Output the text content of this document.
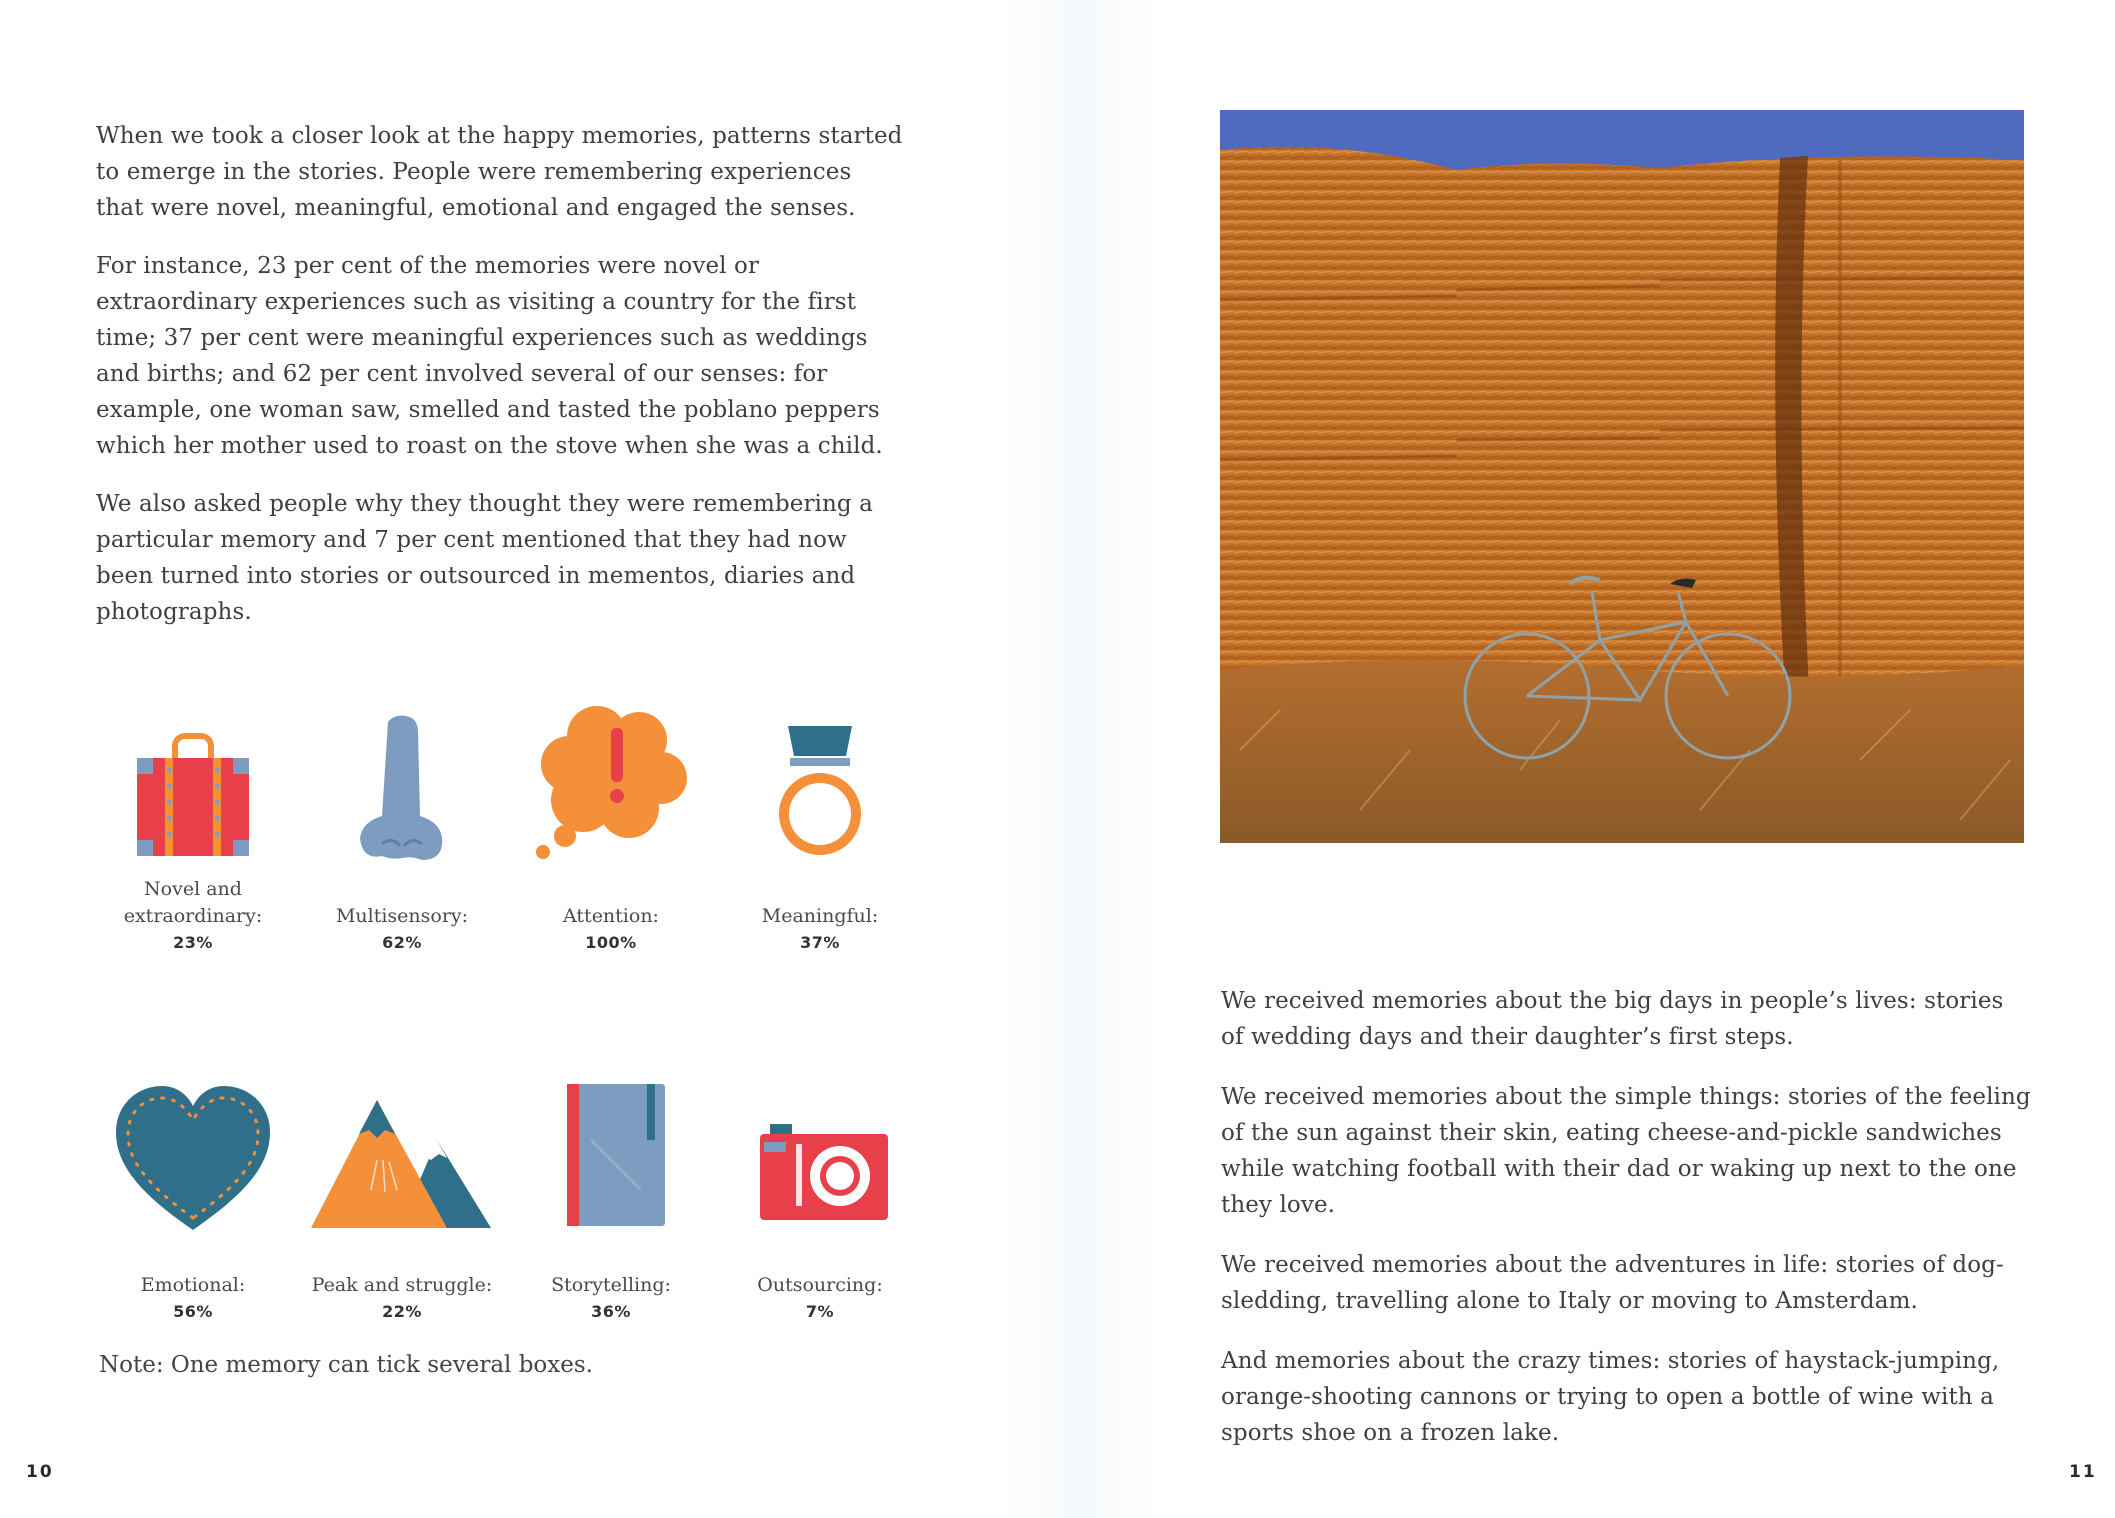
When we took a closer look at the happy memories, patterns started to emerge in the stories. People were remembering experiences that were novel, meaningful, emotional and engaged the senses.

For instance, 23 per cent of the memories were novel or extraordinary experiences such as visiting a country for the first time; 37 per cent were meaningful experiences such as weddings and births; and 62 per cent involved several of our senses: for example, one woman saw, smelled and tasted the poblano peppers which her mother used to roast on the stove when she was a child.

We also asked people why they thought they were remembering a particular memory and 7 per cent mentioned that they had now been turned into stories or outsourced in mementos, diaries and photographs.

Novel and extraordinary:
23%
Multisensory:
62%
Attention:
100%
Meaningful:
37%
Emotional:
56%
Peak and struggle:
22%
Storytelling:
36%
Outsourcing:
7%
Note: One memory can tick several boxes.
10

We received memories about the big days in people’s lives: stories of wedding days and their daughter’s first steps.

We received memories about the simple things: stories of the feeling of the sun against their skin, eating cheese-and-pickle sandwiches while watching football with their dad or waking up next to the one they love.

We received memories about the adventures in life: stories of dog-sledding, travelling alone to Italy or moving to Amsterdam.

And memories about the crazy times: stories of haystack-jumping, orange-shooting cannons or trying to open a bottle of wine with a sports shoe on a frozen lake.

11
